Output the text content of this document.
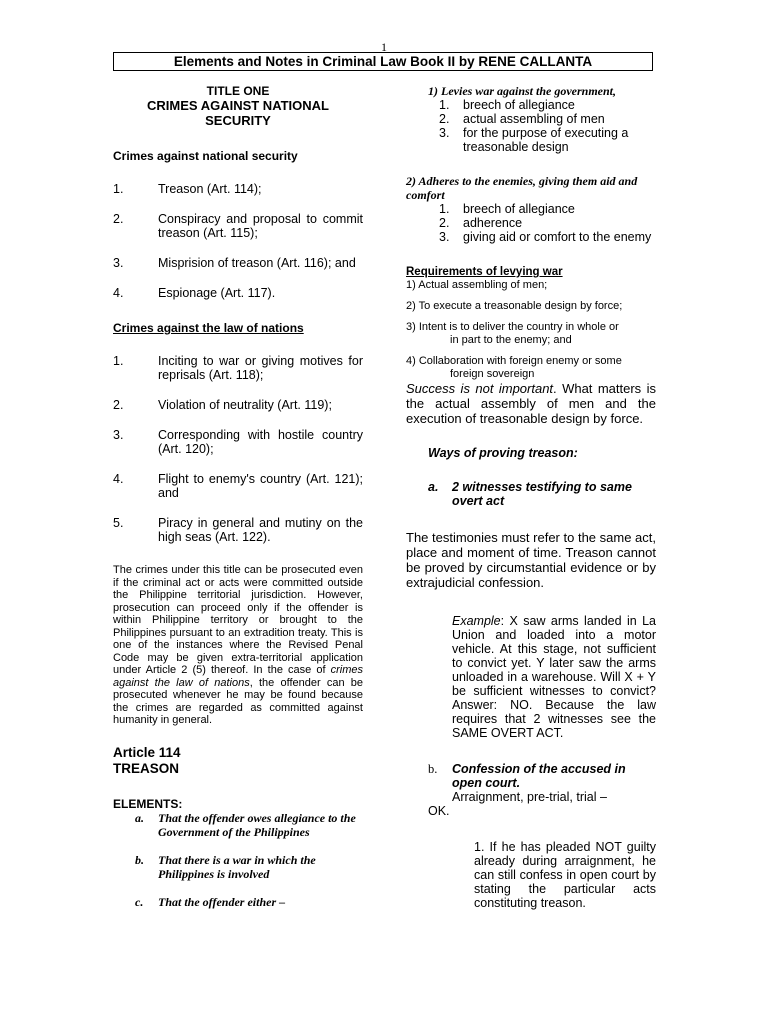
1
Elements and Notes in Criminal Law Book II by RENE CALLANTA

TITLE ONE

CRIMES AGAINST NATIONAL SECURITY

Crimes against national security

1.	Treason (Art. 114);
2.	Conspiracy and proposal to commit treason (Art. 115);
3.	Misprision of treason (Art. 116); and
4.	Espionage (Art. 117).

Crimes against the law of nations

1.	Inciting to war or giving motives for reprisals (Art. 118);
2.	Violation of neutrality (Art. 119);
3.	Corresponding with hostile country (Art. 120);
4.	Flight to enemy's country (Art. 121); and
5.	Piracy in general and mutiny on the high seas (Art. 122).

The crimes under this title can be prosecuted even if the criminal act or acts were committed outside the Philippine territorial jurisdiction. However, prosecution can proceed only if the offender is within Philippine territory or brought to the Philippines pursuant to an extradition treaty. This is one of the instances where the Revised Penal Code may be given extra-territorial application under Article 2 (5) thereof. In the case of crimes against the law of nations, the offender can be prosecuted whenever he may be found because the crimes are regarded as committed against humanity in general.

Article 114
TREASON

ELEMENTS:

a.	That the offender owes allegiance to the Government of the Philippines
b.	That there is a war in which the Philippines is involved
c.	That the offender either –

1) Levies war against the government,

1.	breech of allegiance
2.	actual assembling of men
3.	for the purpose of executing a treasonable design

2) Adheres to the enemies, giving them aid and comfort

1.	breech of allegiance
2.	adherence
3.	giving aid or comfort to the enemy

Requirements of levying war

1) Actual assembling of men;

2) To execute a treasonable design by force;

3) Intent is to deliver the country in whole or
in part to the enemy; and

4) Collaboration with foreign enemy or some
foreign sovereign

Success is not important. What matters is the actual assembly of men and the execution of treasonable design by force.

Ways of proving treason:

a.	2 witnesses testifying to same overt act

The testimonies must refer to the same act, place and moment of time. Treason cannot be proved by circumstantial evidence or by extrajudicial confession.

Example: X saw arms landed in La Union and loaded into a motor vehicle. At this stage, not sufficient to convict yet. Y later saw the arms unloaded in a warehouse. Will X + Y be sufficient witnesses to convict? Answer: NO. Because the law requires that 2 witnesses see the SAME OVERT ACT.

b.	Confession of the accused in open court.

Arraignment, pre-trial, trial –

OK.

1. If he has pleaded NOT guilty already during arraignment, he can still confess in open court by stating the particular acts constituting treason.
